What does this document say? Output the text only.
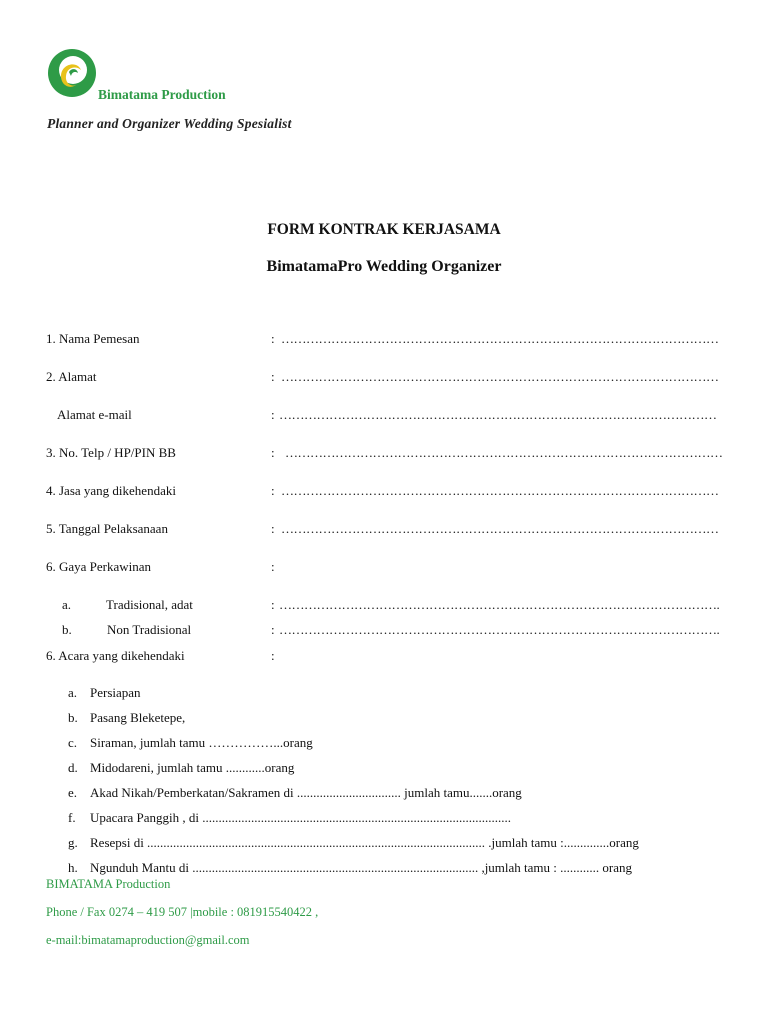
Bimatama Production
Planner and Organizer Wedding Spesialist
FORM KONTRAK KERJASAMA
BimatamaPro Wedding Organizer
1. Nama Pemesan	: ……………………………………………………………………………………………
2. Alamat	: ……………………………………………………………………………………………
Alamat e-mail	: ……………………………………………………………………………………………
3. No. Telp / HP/PIN BB	: ……………………………………………………………………………………………
4. Jasa yang dikehendaki	: ……………………………………………………………………………………………
5. Tanggal Pelaksanaan	: ……………………………………………………………………………………………
6. Gaya Perkawinan	:
a.	Tradisional, adat	: …………………………………………………………………………………………….
b.	Non Tradisional	: …………………………………………………………………………………………….
6. Acara yang dikehendaki	:
a. Persiapan
b. Pasang Bleketepe,
c. Siraman, jumlah tamu ……………...orang
d. Midodareni, jumlah tamu ............orang
e. Akad Nikah/Pemberkatan/Sakramen di ................................ jumlah tamu.......orang
f. Upacara Panggih , di ...............................................................................................
g. Resepsi di ........................................................................................................ .jumlah tamu :..............orang
h. Ngunduh Mantu di ........................................................................................ ,jumlah tamu : ............ orang
BIMATAMA Production
Phone / Fax 0274 – 419 507 |mobile : 081915540422 ,
e-mail:bimatamaproduction@gmail.com
